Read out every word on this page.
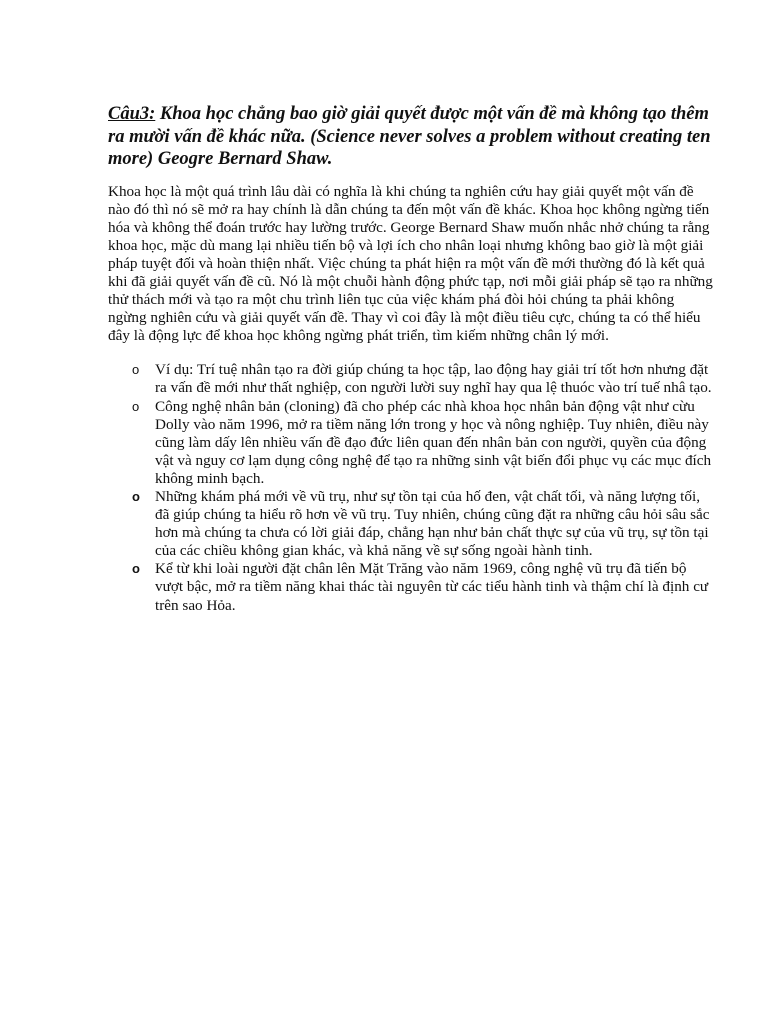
Câu3: Khoa học chẳng bao giờ giải quyết được một vấn đề mà không tạo thêm ra mười vấn đề khác nữa. (Science never solves a problem without creating ten more) Geogre Bernard Shaw.

Khoa học là một quá trình lâu dài có nghĩa là khi chúng ta nghiên cứu hay giải quyết một vấn đề nào đó thì nó sẽ mở ra hay chính là dẫn chúng ta đến một vấn đề khác. Khoa học không ngừng tiến hóa và không thể đoán trước hay lường trước. George Bernard Shaw muốn nhắc nhở chúng ta rằng khoa học, mặc dù mang lại nhiều tiến bộ và lợi ích cho nhân loại nhưng không bao giờ là một giải pháp tuyệt đối và hoàn thiện nhất. Việc chúng ta phát hiện ra một vấn đề mới thường đó là kết quả khi đã giải quyết vấn đề cũ. Nó là một chuỗi hành động phức tạp, nơi mỗi giải pháp sẽ tạo ra những thử thách mới và tạo ra một chu trình liên tục của việc khám phá đòi hỏi chúng ta phải không ngừng nghiên cứu và giải quyết vấn đề. Thay vì coi đây là một điều tiêu cực, chúng ta có thể hiểu đây là động lực để khoa học không ngừng phát triển, tìm kiếm những chân lý mới.

o Ví dụ: Trí tuệ nhân tạo ra đời giúp chúng ta học tập, lao động hay giải trí tốt hơn nhưng đặt ra vấn đề mới như thất nghiệp, con người lười suy nghĩ hay qua lệ thuóc vào trí tuế nhâ tạo.
o Công nghệ nhân bản (cloning) đã cho phép các nhà khoa học nhân bản động vật như cừu Dolly vào năm 1996, mở ra tiềm năng lớn trong y học và nông nghiệp. Tuy nhiên, điều này cũng làm dấy lên nhiều vấn đề đạo đức liên quan đến nhân bản con người, quyền của động vật và nguy cơ lạm dụng công nghệ để tạo ra những sinh vật biến đổi phục vụ các mục đích không minh bạch.
o Những khám phá mới về vũ trụ, như sự tồn tại của hố đen, vật chất tối, và năng lượng tối, đã giúp chúng ta hiểu rõ hơn về vũ trụ. Tuy nhiên, chúng cũng đặt ra những câu hỏi sâu sắc hơn mà chúng ta chưa có lời giải đáp, chẳng hạn như bản chất thực sự của vũ trụ, sự tồn tại của các chiều không gian khác, và khả năng về sự sống ngoài hành tinh.
o Kể từ khi loài người đặt chân lên Mặt Trăng vào năm 1969, công nghệ vũ trụ đã tiến bộ vượt bậc, mở ra tiềm năng khai thác tài nguyên từ các tiểu hành tinh và thậm chí là định cư trên sao Hỏa.
